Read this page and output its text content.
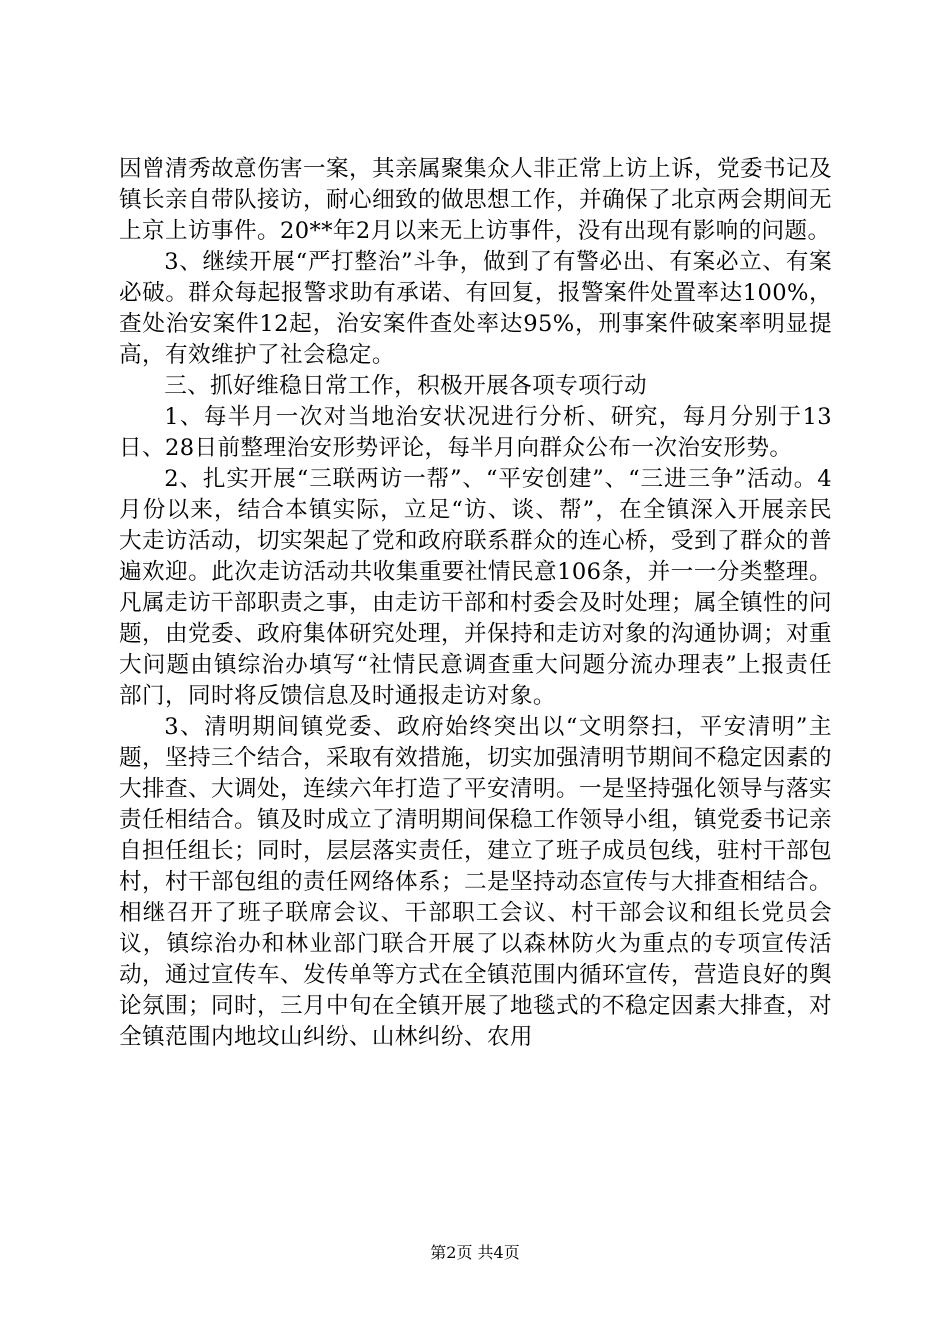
因曾清秀故意伤害一案，其亲属聚集众人非正常上访上诉，党委书记及镇长亲自带队接访，耐心细致的做思想工作，并确保了北京两会期间无上京上访事件。20**年2月以来无上访事件，没有出现有影响的问题。

3、继续开展“严打整治”斗争，做到了有警必出、有案必立、有案必破。群众每起报警求助有承诺、有回复，报警案件处置率达100%，查处治安案件12起，治安案件查处率达95%，刑事案件破案率明显提高，有效维护了社会稳定。

三、抓好维稳日常工作，积极开展各项专项行动

1、每半月一次对当地治安状况进行分析、研究，每月分别于13日、28日前整理治安形势评论，每半月向群众公布一次治安形势。

2、扎实开展“三联两访一帮”、“平安创建”、“三进三争”活动。4月份以来，结合本镇实际，立足“访、谈、帮”，在全镇深入开展亲民大走访活动，切实架起了党和政府联系群众的连心桥，受到了群众的普遍欢迎。此次走访活动共收集重要社情民意106条，并一一分类整理。凡属走访干部职责之事，由走访干部和村委会及时处理；属全镇性的问题，由党委、政府集体研究处理，并保持和走访对象的沟通协调；对重大问题由镇综治办填写“社情民意调查重大问题分流办理表”上报责任部门，同时将反馈信息及时通报走访对象。

3、清明期间镇党委、政府始终突出以“文明祭扫，平安清明”主题，坚持三个结合，采取有效措施，切实加强清明节期间不稳定因素的大排查、大调处，连续六年打造了平安清明。一是坚持强化领导与落实责任相结合。镇及时成立了清明期间保稳工作领导小组，镇党委书记亲自担任组长；同时，层层落实责任，建立了班子成员包线，驻村干部包村，村干部包组的责任网络体系；二是坚持动态宣传与大排查相结合。相继召开了班子联席会议、干部职工会议、村干部会议和组长党员会议，镇综治办和林业部门联合开展了以森林防火为重点的专项宣传活动，通过宣传车、发传单等方式在全镇范围内循环宣传，营造良好的舆论氛围；同时，三月中旬在全镇开展了地毯式的不稳定因素大排查，对全镇范围内地坟山纠纷、山林纠纷、农用

第2页 共4页
